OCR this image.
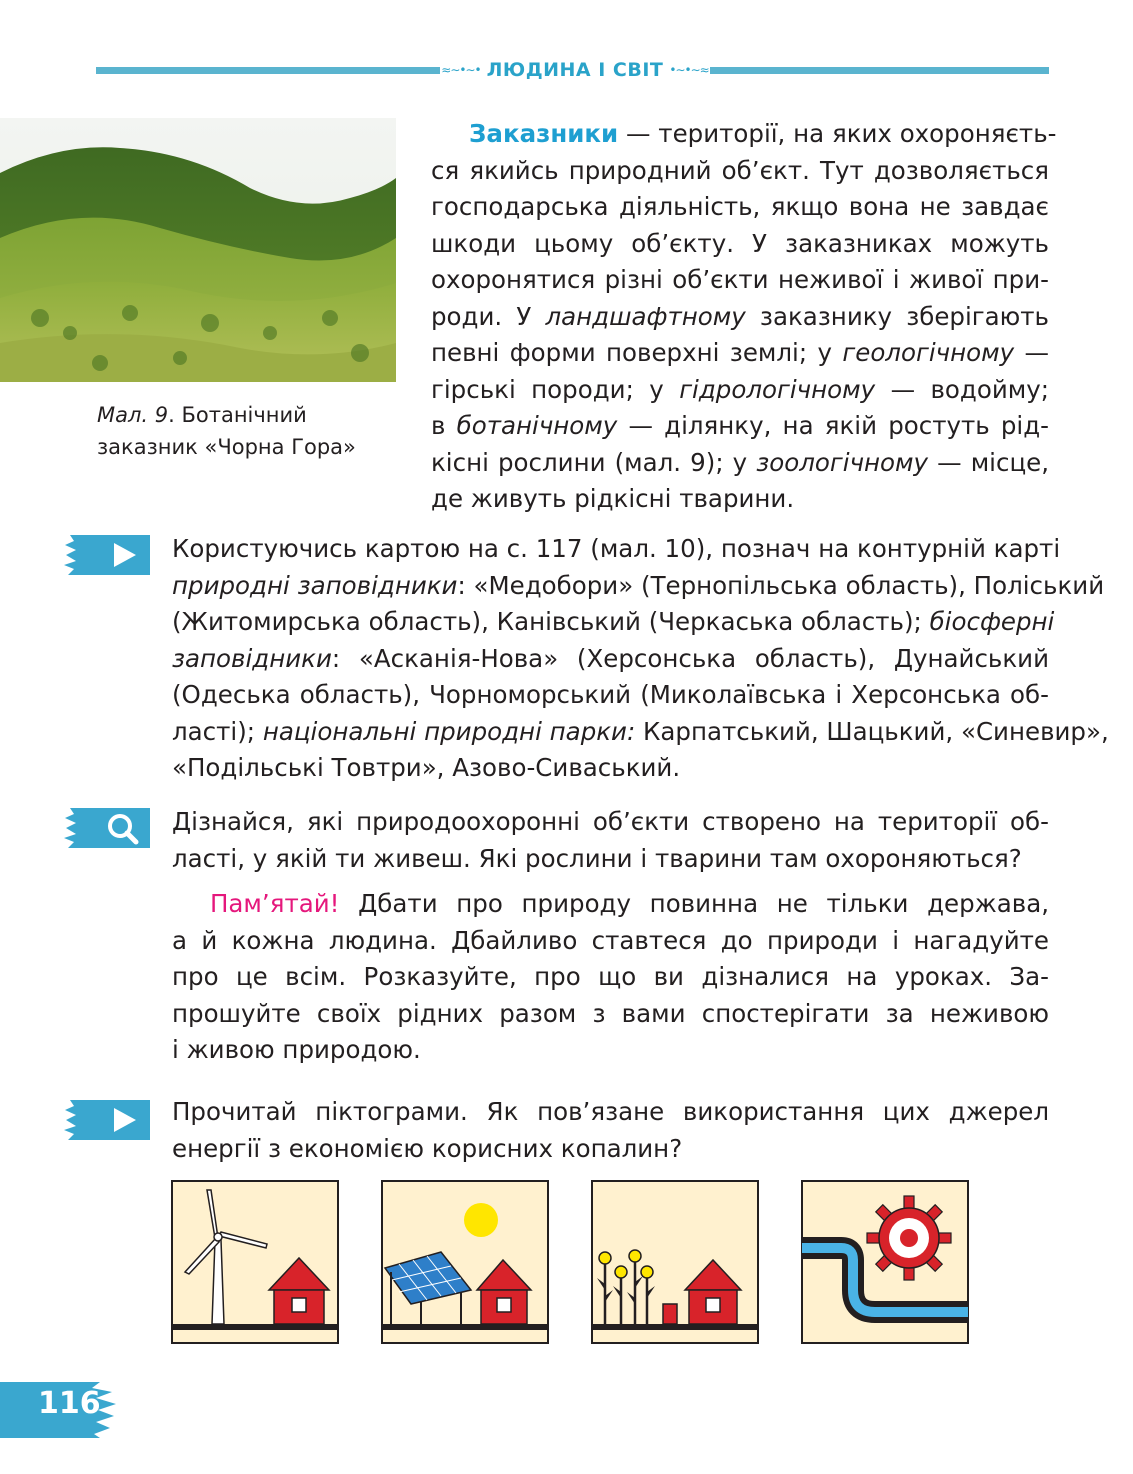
≈∼•∼• ЛЮДИНА І СВІТ •∼•∼≈
Мал. 9. Ботанічний
заказник «Чорна Гора»
Заказники — території, на яких охороняєть-
ся якийсь природний об’єкт. Тут дозволяється
господарська діяльність, якщо вона не завдає
шкоди цьому об’єкту. У заказниках можуть
охоронятися різні об’єкти неживої і живої при-
роди. У ландшафтному заказнику зберігають
певні форми поверхні землі; у геологічному —
гірські породи; у гідрологічному — водойму;
в ботанічному — ділянку, на якій ростуть рід-
кісні рослини (мал. 9); у зоологічному — місце,
де живуть рідкісні тварини.
Користуючись картою на с. 117 (мал. 10), познач на контурній карті
природні заповідники: «Медобори» (Тернопільська область), Поліський
(Житомирська область), Канівський (Черкаська область); біосферні
заповідники: «Асканія-Нова» (Херсонська область), Дунайський
(Одеська область), Чорноморський (Миколаївська і Херсонська об-
ласті); національні природні парки: Карпатський, Шацький, «Синевир»,
«Подільські Товтри», Азово-Сиваський.
Дізнайся, які природоохоронні об’єкти створено на території об-
ласті, у якій ти живеш. Які рослини і тварини там охороняються?
Пам’ятай! Дбати про природу повинна не тільки держава,
а й кожна людина. Дбайливо ставтеся до природи і нагадуйте
про це всім. Розказуйте, про що ви дізналися на уроках. За-
прошуйте своїх рідних разом з вами спостерігати за неживою
і живою природою.
Прочитай піктограми. Як пов’язане використання цих джерел
енергії з економією корисних копалин?
116
